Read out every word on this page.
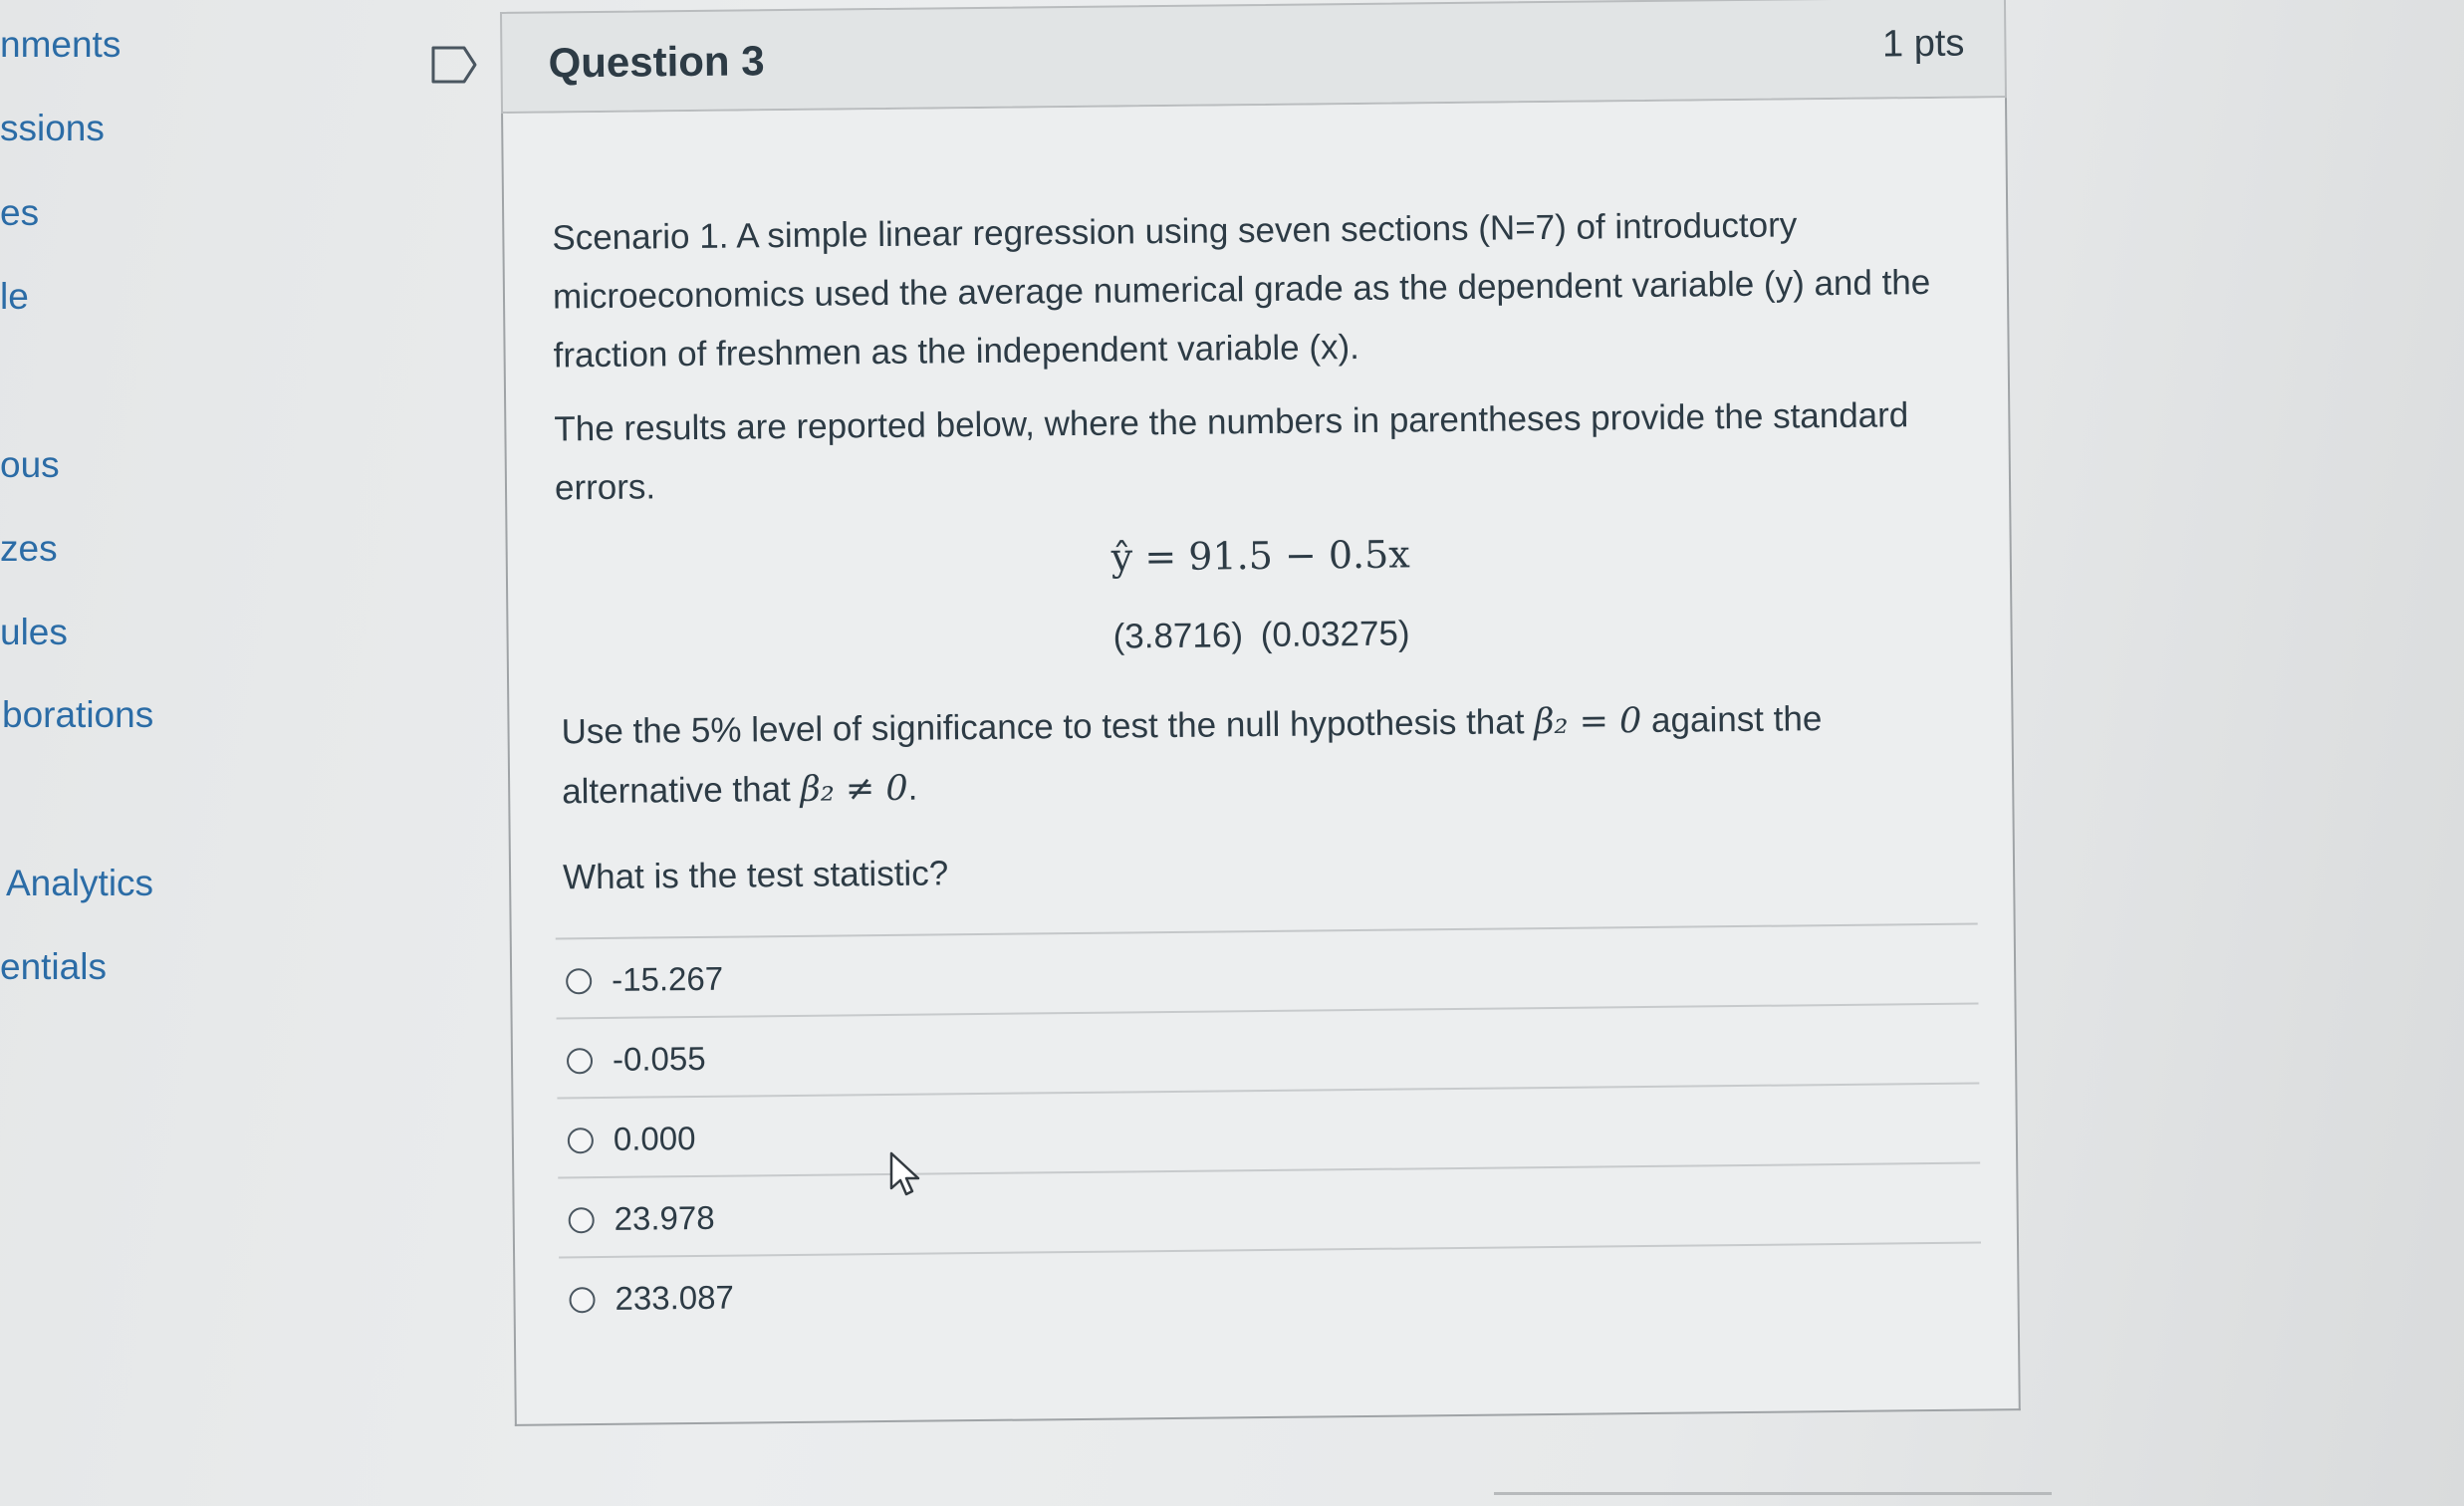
nments
ssions
es
le
ous
zes
ules
borations
Analytics
entials
Question 3	1 pts
Scenario 1. A simple linear regression using seven sections (N=7) of introductory microeconomics used the average numerical grade as the dependent variable (y) and the fraction of freshmen as the independent variable (x).
The results are reported below, where the numbers in parentheses provide the standard errors.
ŷ = 91.5 − 0.5x
(3.8716) (0.03275)
Use the 5% level of significance to test the null hypothesis that β₂ = 0 against the alternative that β₂ ≠ 0.
What is the test statistic?
-15.267
-0.055
0.000
23.978
233.087
